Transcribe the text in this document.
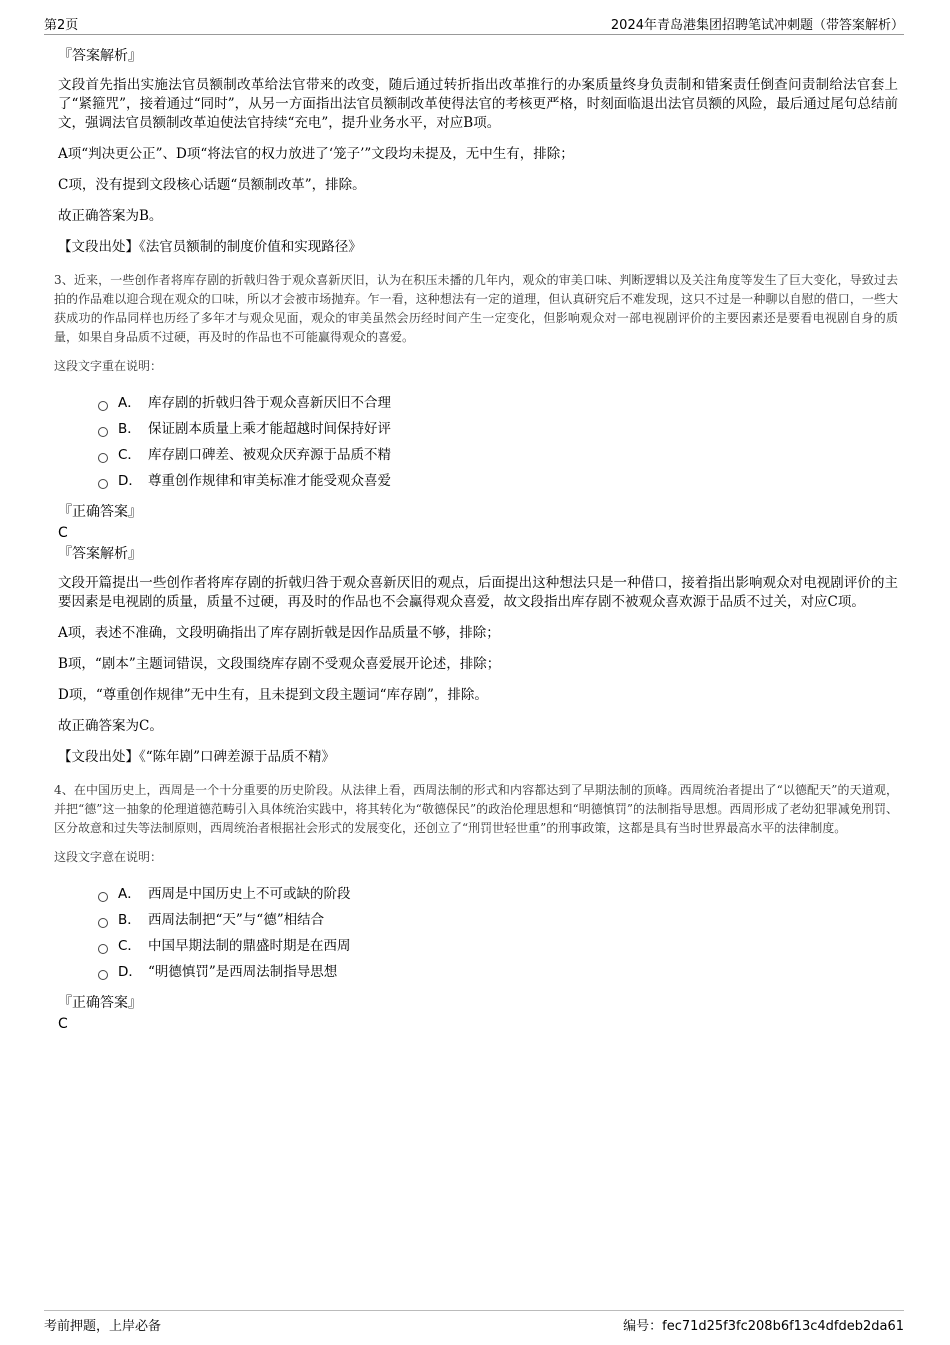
第2页	2024年青岛港集团招聘笔试冲刺题（带答案解析）
『答案解析』
文段首先指出实施法官员额制改革给法官带来的改变，随后通过转折指出改革推行的办案质量终身负责制和错案责任倒查问责制给法官套上了“紧箍咒”，接着通过“同时”，从另一方面指出法官员额制改革使得法官的考核更严格，时刻面临退出法官员额的风险，最后通过尾句总结前文，强调法官员额制改革迫使法官持续“充电”，提升业务水平，对应B项。
A项“判决更公正”、D项“将法官的权力放进了‘笼子’”文段均未提及，无中生有，排除；
C项，没有提到文段核心话题“员额制改革”，排除。
故正确答案为B。
【文段出处】《法官员额制的制度价值和实现路径》
3、近来，一些创作者将库存剧的折戟归咎于观众喜新厌旧，认为在积压未播的几年内，观众的审美口味、判断逻辑以及关注角度等发生了巨大变化，导致过去拍的作品难以迎合现在观众的口味，所以才会被市场抛弃。乍一看，这种想法有一定的道理，但认真研究后不难发现，这只不过是一种聊以自慰的借口，一些大获成功的作品同样也历经了多年才与观众见面，观众的审美虽然会历经时间产生一定变化，但影响观众对一部电视剧评价的主要因素还是要看电视剧自身的质量，如果自身品质不过硬，再及时的作品也不可能赢得观众的喜爱。
这段文字重在说明：
A． 库存剧的折戟归咎于观众喜新厌旧不合理
B． 保证剧本质量上乘才能超越时间保持好评
C． 库存剧口碑差、被观众厌弃源于品质不精
D． 尊重创作规律和审美标准才能受观众喜爱
『正确答案』
C
『答案解析』
文段开篇提出一些创作者将库存剧的折戟归咎于观众喜新厌旧的观点，后面提出这种想法只是一种借口，接着指出影响观众对电视剧评价的主要因素是电视剧的质量，质量不过硬，再及时的作品也不会赢得观众喜爱，故文段指出库存剧不被观众喜欢源于品质不过关，对应C项。
A项，表述不准确，文段明确指出了库存剧折戟是因作品质量不够，排除；
B项，“剧本”主题词错误，文段围绕库存剧不受观众喜爱展开论述，排除；
D项，“尊重创作规律”无中生有，且未提到文段主题词“库存剧”，排除。
故正确答案为C。
【文段出处】《“陈年剧”口碑差源于品质不精》
4、在中国历史上，西周是一个十分重要的历史阶段。从法律上看，西周法制的形式和内容都达到了早期法制的顶峰。西周统治者提出了“以德配天”的天道观，并把“德”这一抽象的伦理道德范畴引入具体统治实践中，将其转化为“敬德保民”的政治伦理思想和“明德慎罚”的法制指导思想。西周形成了老幼犯罪减免刑罚、区分故意和过失等法制原则，西周统治者根据社会形式的发展变化，还创立了“刑罚世轻世重”的刑事政策，这都是具有当时世界最高水平的法律制度。
这段文字意在说明：
A． 西周是中国历史上不可或缺的阶段
B． 西周法制把“天”与“德”相结合
C． 中国早期法制的鼎盛时期是在西周
D． “明德慎罚”是西周法制指导思想
『正确答案』
C
考前押题，上岸必备	编号：fec71d25f3fc208b6f13c4dfdeb2da61
